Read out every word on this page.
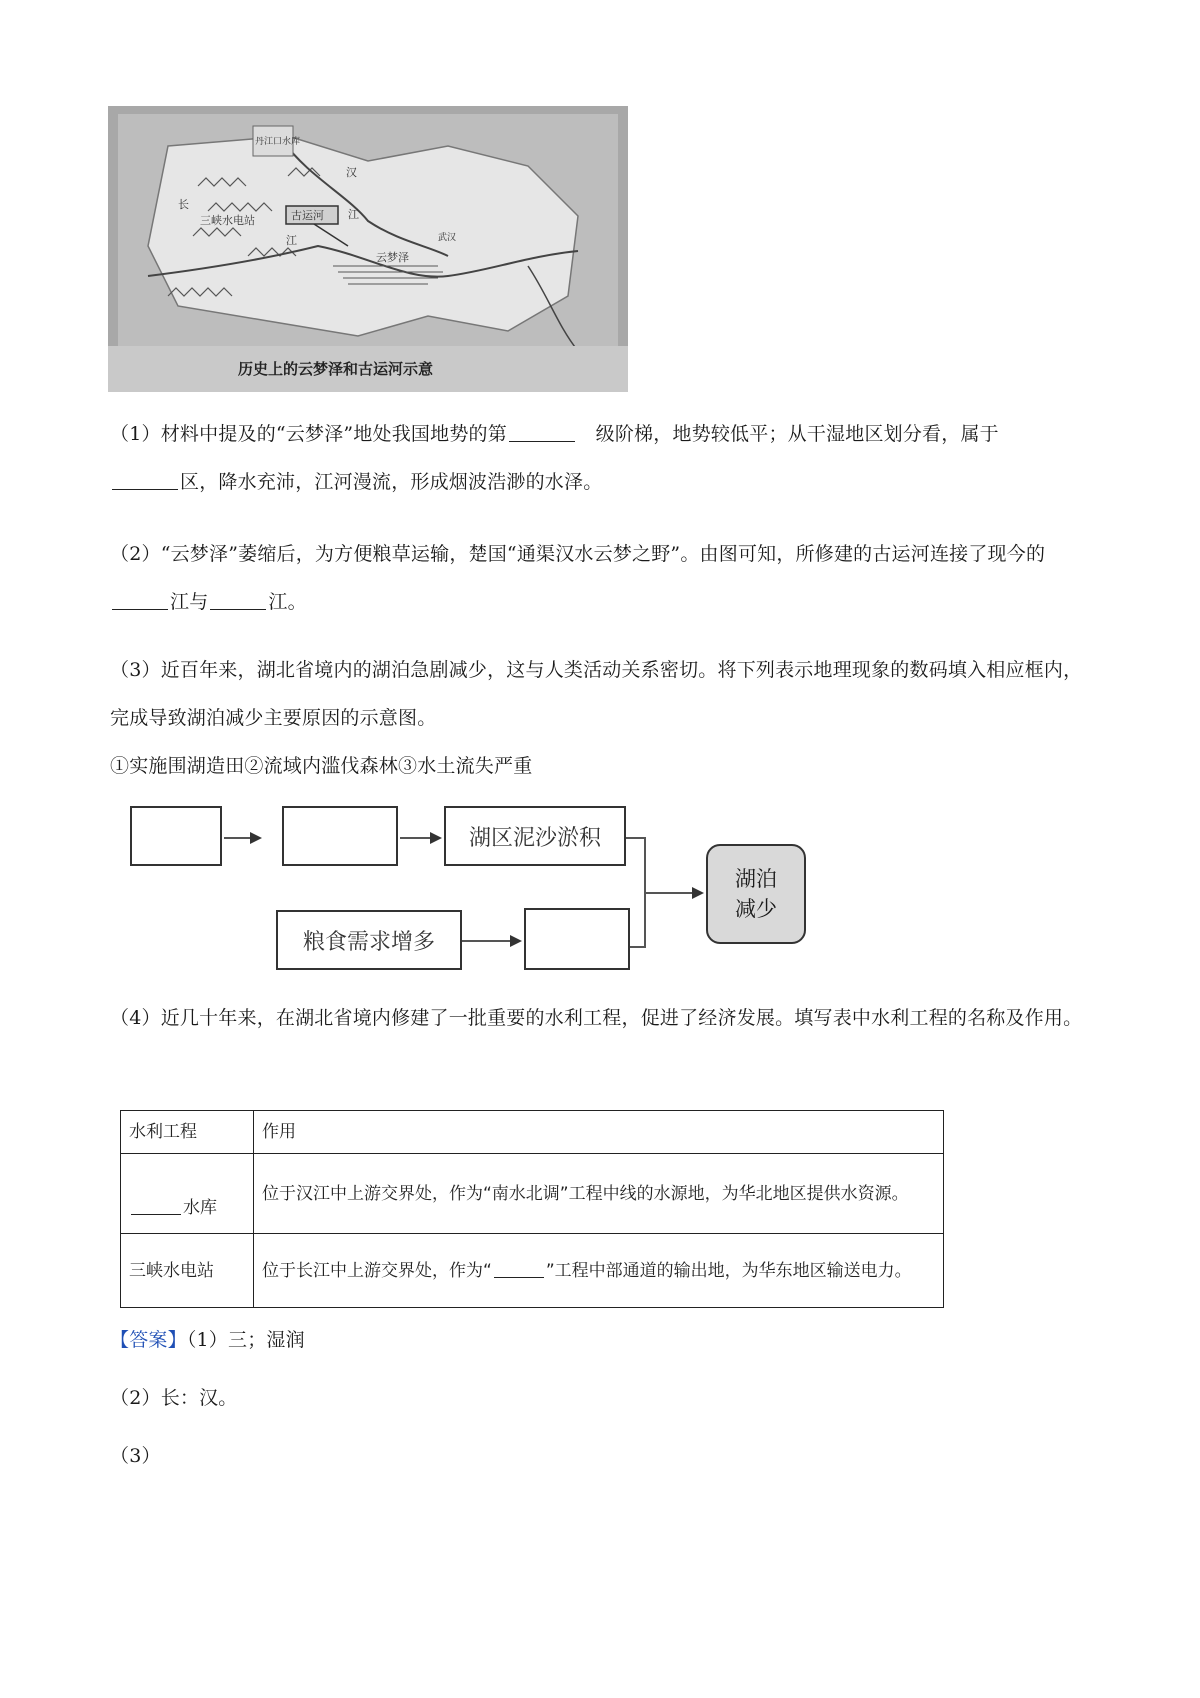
丹江口水库
汉
长
三峡水电站	古运河 江
江
云梦泽
武汉
历史上的云梦泽和古运河示意
（1）材料中提及的“云梦泽”地处我国地势的第	级阶梯，地势较低平；从干湿地区划分看，属于
区，降水充沛，江河漫流，形成烟波浩渺的水泽。
（2）“云梦泽”萎缩后，为方便粮草运输，楚国“通渠汉水云梦之野”。由图可知，所修建的古运河连接了现今的江与	江。
（3）近百年来，湖北省境内的湖泊急剧减少，这与人类活动关系密切。将下列表示地理现象的数码填入相应框内，完成导致湖泊减少主要原因的示意图。
①实施围湖造田②流域内滥伐森林③水土流失严重
湖区泥沙淤积
湖泊
减少
粮食需求增多
（4）近几十年来，在湖北省境内修建了一批重要的水利工程，促进了经济发展。填写表中水利工程的名称及作用。
水利工程	作用
水库	位于汉江中上游交界处，作为“南水北调”工程中线的水源地，为华北地区提供水资源。
三峡水电站	位于长江中上游交界处，作为“ ”工程中部通道的输出地，为华东地区输送电力。
【答案】（1）三；湿润
（2）长：汉。
（3）
